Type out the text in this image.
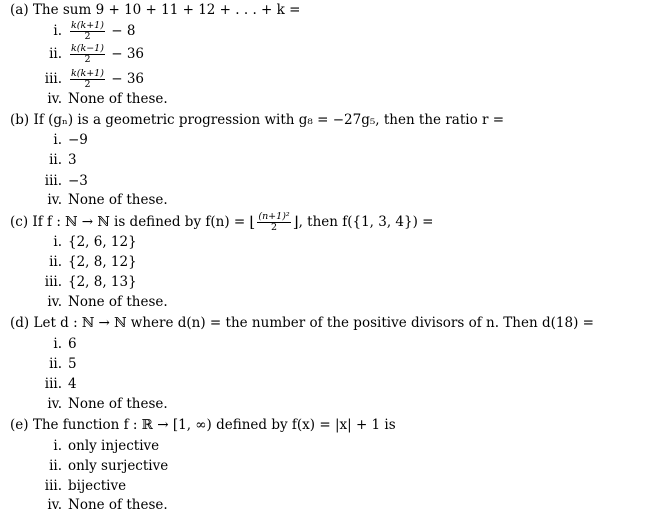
(a) The sum 9 + 10 + 11 + 12 + . . . + k =
i. $\frac{k(k+1)}{2} - 8$
ii. $\frac{k(k-1)}{2} - 36$
iii. $\frac{k(k+1)}{2} - 36$
iv. None of these.
(b) If (gₙ) is a geometric progression with g₈ = −27g₅, then the ratio r =
i. −9
ii. 3
iii. −3
iv. None of these.
(c) If f : ℕ → ℕ is defined by f(n) = ⌊ $\frac{\text{(n+1)²}}{2}$ ⌋, then f({1, 3, 4}) =
i. {2, 6, 12}
ii. {2, 8, 12}
iii. {2, 8, 13}
iv. None of these.
(d) Let d : ℕ → ℕ where d(n) = the number of the positive divisors of n. Then d(18) =
i. 6
ii. 5
iii. 4
iv. None of these.
(e) The function f : ℝ → [1, ∞) defined by f(x) = |x| + 1 is
i. only injective
ii. only surjective
iii. bijective
iv. None of these.
